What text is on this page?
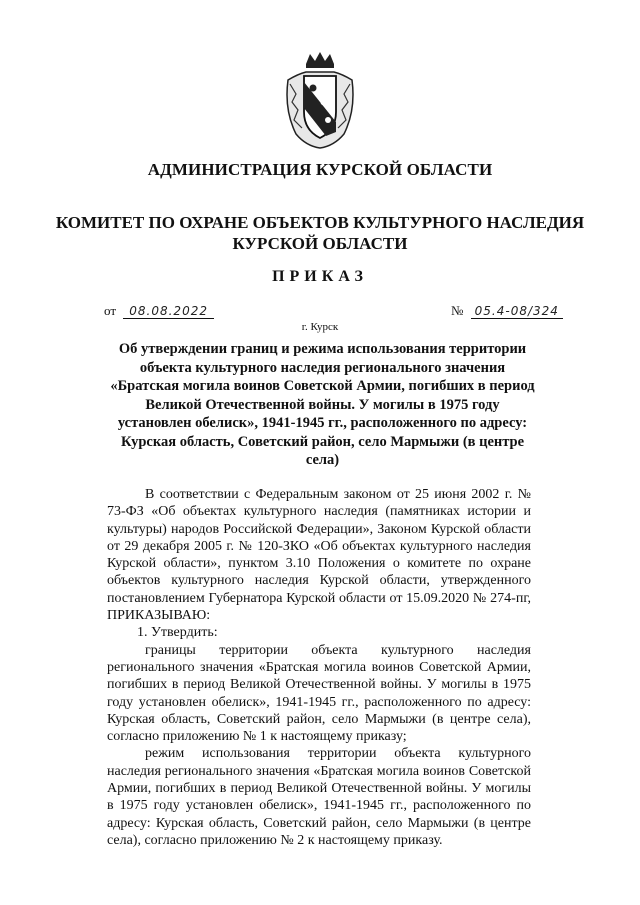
АДМИНИСТРАЦИЯ КУРСКОЙ ОБЛАСТИ
КОМИТЕТ ПО ОХРАНЕ ОБЪЕКТОВ КУЛЬТУРНОГО НАСЛЕДИЯ
КУРСКОЙ ОБЛАСТИ
ПРИКАЗ
от 08.08.2022	№ 05.4-08/324
г. Курск
Об утверждении границ и режима использования территории объекта культурного наследия регионального значения «Братская могила воинов Советской Армии, погибших в период Великой Отечественной войны. У могилы в 1975 году установлен обелиск», 1941-1945 гг., расположенного по адресу: Курская область, Советский район, село Мармыжи (в центре села)

В соответствии с Федеральным законом от 25 июня 2002 г. № 73-ФЗ «Об объектах культурного наследия (памятниках истории и культуры) народов Российской Федерации», Законом Курской области от 29 декабря 2005 г. № 120-ЗКО «Об объектах культурного наследия Курской области», пунктом 3.10 Положения о комитете по охране объектов культурного наследия Курской области, утвержденного постановлением Губернатора Курской области от 15.09.2020 № 274-пг, ПРИКАЗЫВАЮ:

1. Утвердить:

границы территории объекта культурного наследия регионального значения «Братская могила воинов Советской Армии, погибших в период Великой Отечественной войны. У могилы в 1975 году установлен обелиск», 1941-1945 гг., расположенного по адресу: Курская область, Советский район, село Мармыжи (в центре села), согласно приложению № 1 к настоящему приказу;

режим использования территории объекта культурного наследия регионального значения «Братская могила воинов Советской Армии, погибших в период Великой Отечественной войны. У могилы в 1975 году установлен обелиск», 1941-1945 гг., расположенного по адресу: Курская область, Советский район, село Мармыжи (в центре села), согласно приложению № 2 к настоящему приказу.
